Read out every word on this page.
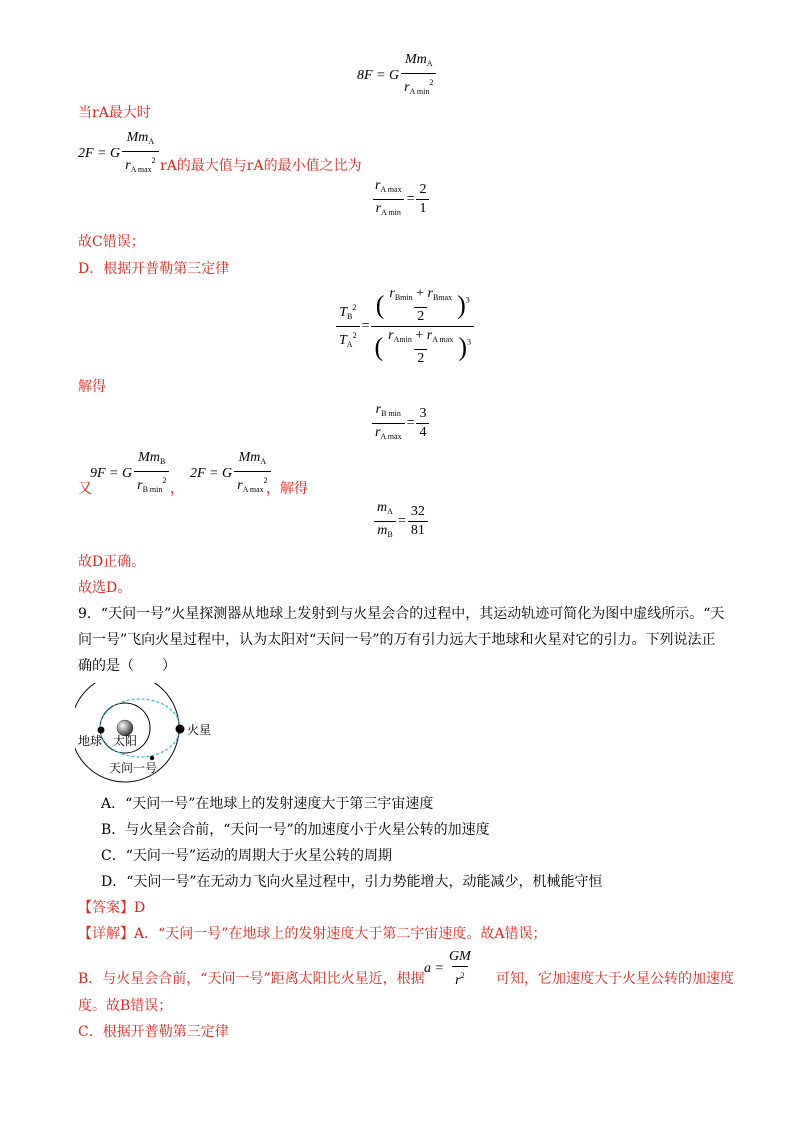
8F = G $\frac{Mm_A}{r_{A min}^2}$
当rA最大时
2F = G $\frac{Mm_A}{r_{A max}^2}$ rA的最大值与rA的最小值之比为
$\frac{r_{A max}}{r_{A min}} = \frac{2}{1}$
故C错误；
D．根据开普勒第三定律
$\frac{T_B^2}{T_A^2} = \frac{( \frac{r_{Bmin} + r_{Bmax}}{2} )^3}{( \frac{r_{Amin} + r_{A max}}{2} )^3}$
解得
$\frac{r_{B min}}{r_{A max}} = \frac{3}{4}$
9F = G $\frac{Mm_B}{r_{B min}^2} 2F = G \frac{Mm_A}{r_{A max}^2}$
又	，	，解得
$\frac{m_A}{m_B} = \frac{32}{81}$
故D正确。
故选D。
9．“天问一号”火星探测器从地球上发射到与火星会合的过程中，其运动轨迹可简化为图中虚线所示。“天
问一号”飞向火星过程中，认为太阳对“天问一号”的万有引力远大于地球和火星对它的引力。下列说法正
确的是（　　）
地球 太阳
火星
天问一号
A．“天问一号”在地球上的发射速度大于第三宇宙速度
B．与火星会合前，“天问一号”的加速度小于火星公转的加速度
C．“天问一号”运动的周期大于火星公转的周期
D．“天问一号”在无动力飞向火星过程中，引力势能增大，动能减少，机械能守恒
【答案】D
【详解】A．“天问一号”在地球上的发射速度大于第二宇宙速度。故A错误；
B．与火星会合前，“天问一号”距离太阳比火星近，根据
$a = \frac{GM}{r^2}$ 可知，它加速度大于火星公转的加速度
度。故B错误；
C．根据开普勒第三定律
